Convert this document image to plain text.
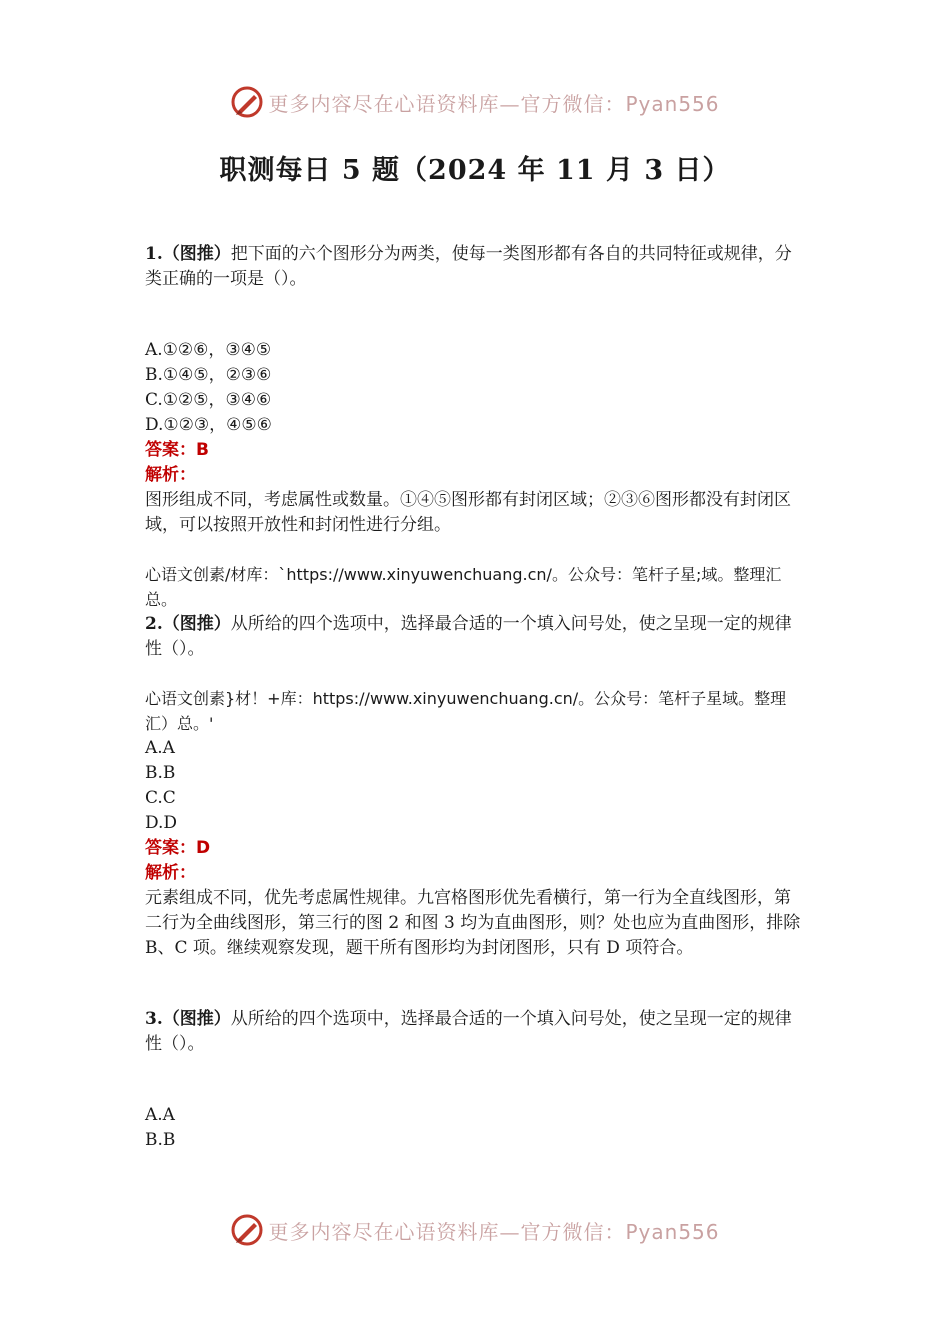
更多内容尽在心语资料库—官方微信：Pyan556
职测每日 5 题（2024 年 11 月 3 日）

1.（图推）把下面的六个图形分为两类，使每一类图形都有各自的共同特征或规律，分类正确的一项是（）。

A.①②⑥，③④⑤

B.①④⑤，②③⑥

C.①②⑤，③④⑥

D.①②③，④⑤⑥

答案：B

解析：

图形组成不同，考虑属性或数量。①④⑤图形都有封闭区域；②③⑥图形都没有封闭区域，可以按照开放性和封闭性进行分组。

心语文创素/材库：`https://www.xinyuwenchuang.cn/。公众号：笔杆子星;域。整理汇总。

2.（图推）从所给的四个选项中，选择最合适的一个填入问号处，使之呈现一定的规律性（）。

心语文创素}材！+库：https://www.xinyuwenchuang.cn/。公众号：笔杆子星域。整理汇）总。'

A.A

B.B

C.C

D.D

答案：D

解析：

元素组成不同，优先考虑属性规律。九宫格图形优先看横行，第一行为全直线图形，第二行为全曲线图形，第三行的图 2 和图 3 均为直曲图形，则？处也应为直曲图形，排除 B、C 项。继续观察发现，题干所有图形均为封闭图形，只有 D 项符合。

3.（图推）从所给的四个选项中，选择最合适的一个填入问号处，使之呈现一定的规律性（）。

A.A

B.B

更多内容尽在心语资料库—官方微信：Pyan556
